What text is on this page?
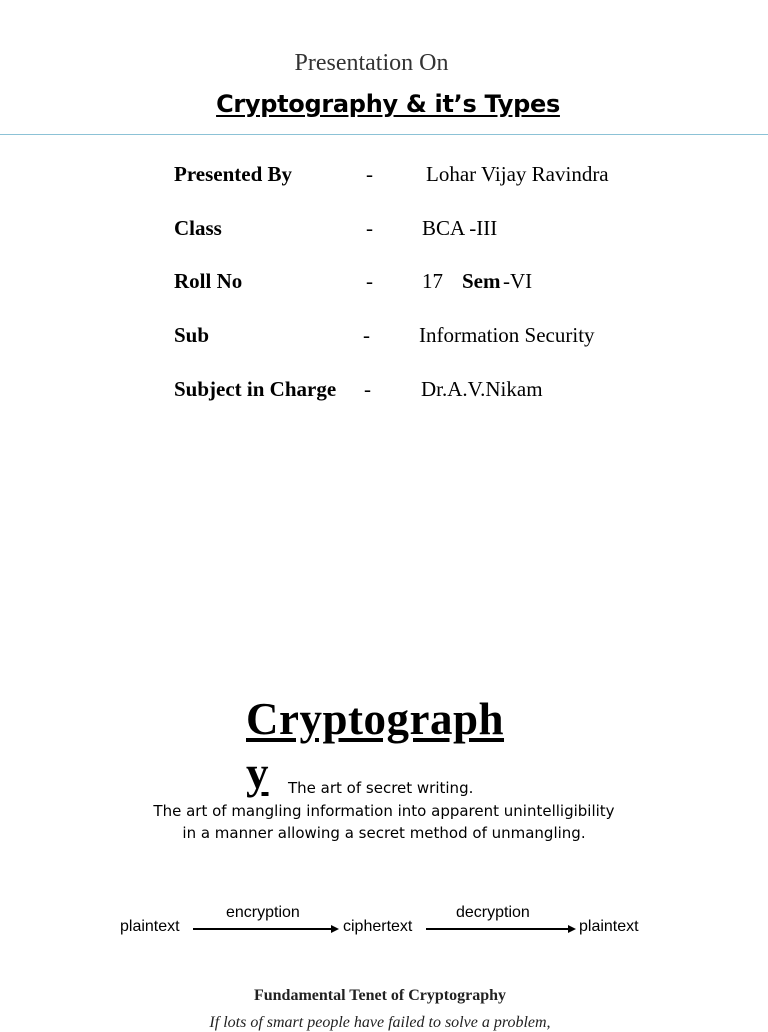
Presentation On
Cryptography & it’s Types
Presented By	-	Lohar Vijay Ravindra
Class	- BCA -III
Roll No	- 17 Sem -VI
Sub	- Information Security
Subject in Charge - Dr.A.V.Nikam
Cryptograph
y The art of secret writing.
The art of mangling information into apparent unintelligibility
in a manner allowing a secret method of unmangling.
plaintext
encryption
ciphertext
decryption
plaintext
Fundamental Tenet of Cryptography
If lots of smart people have failed to solve a problem,
